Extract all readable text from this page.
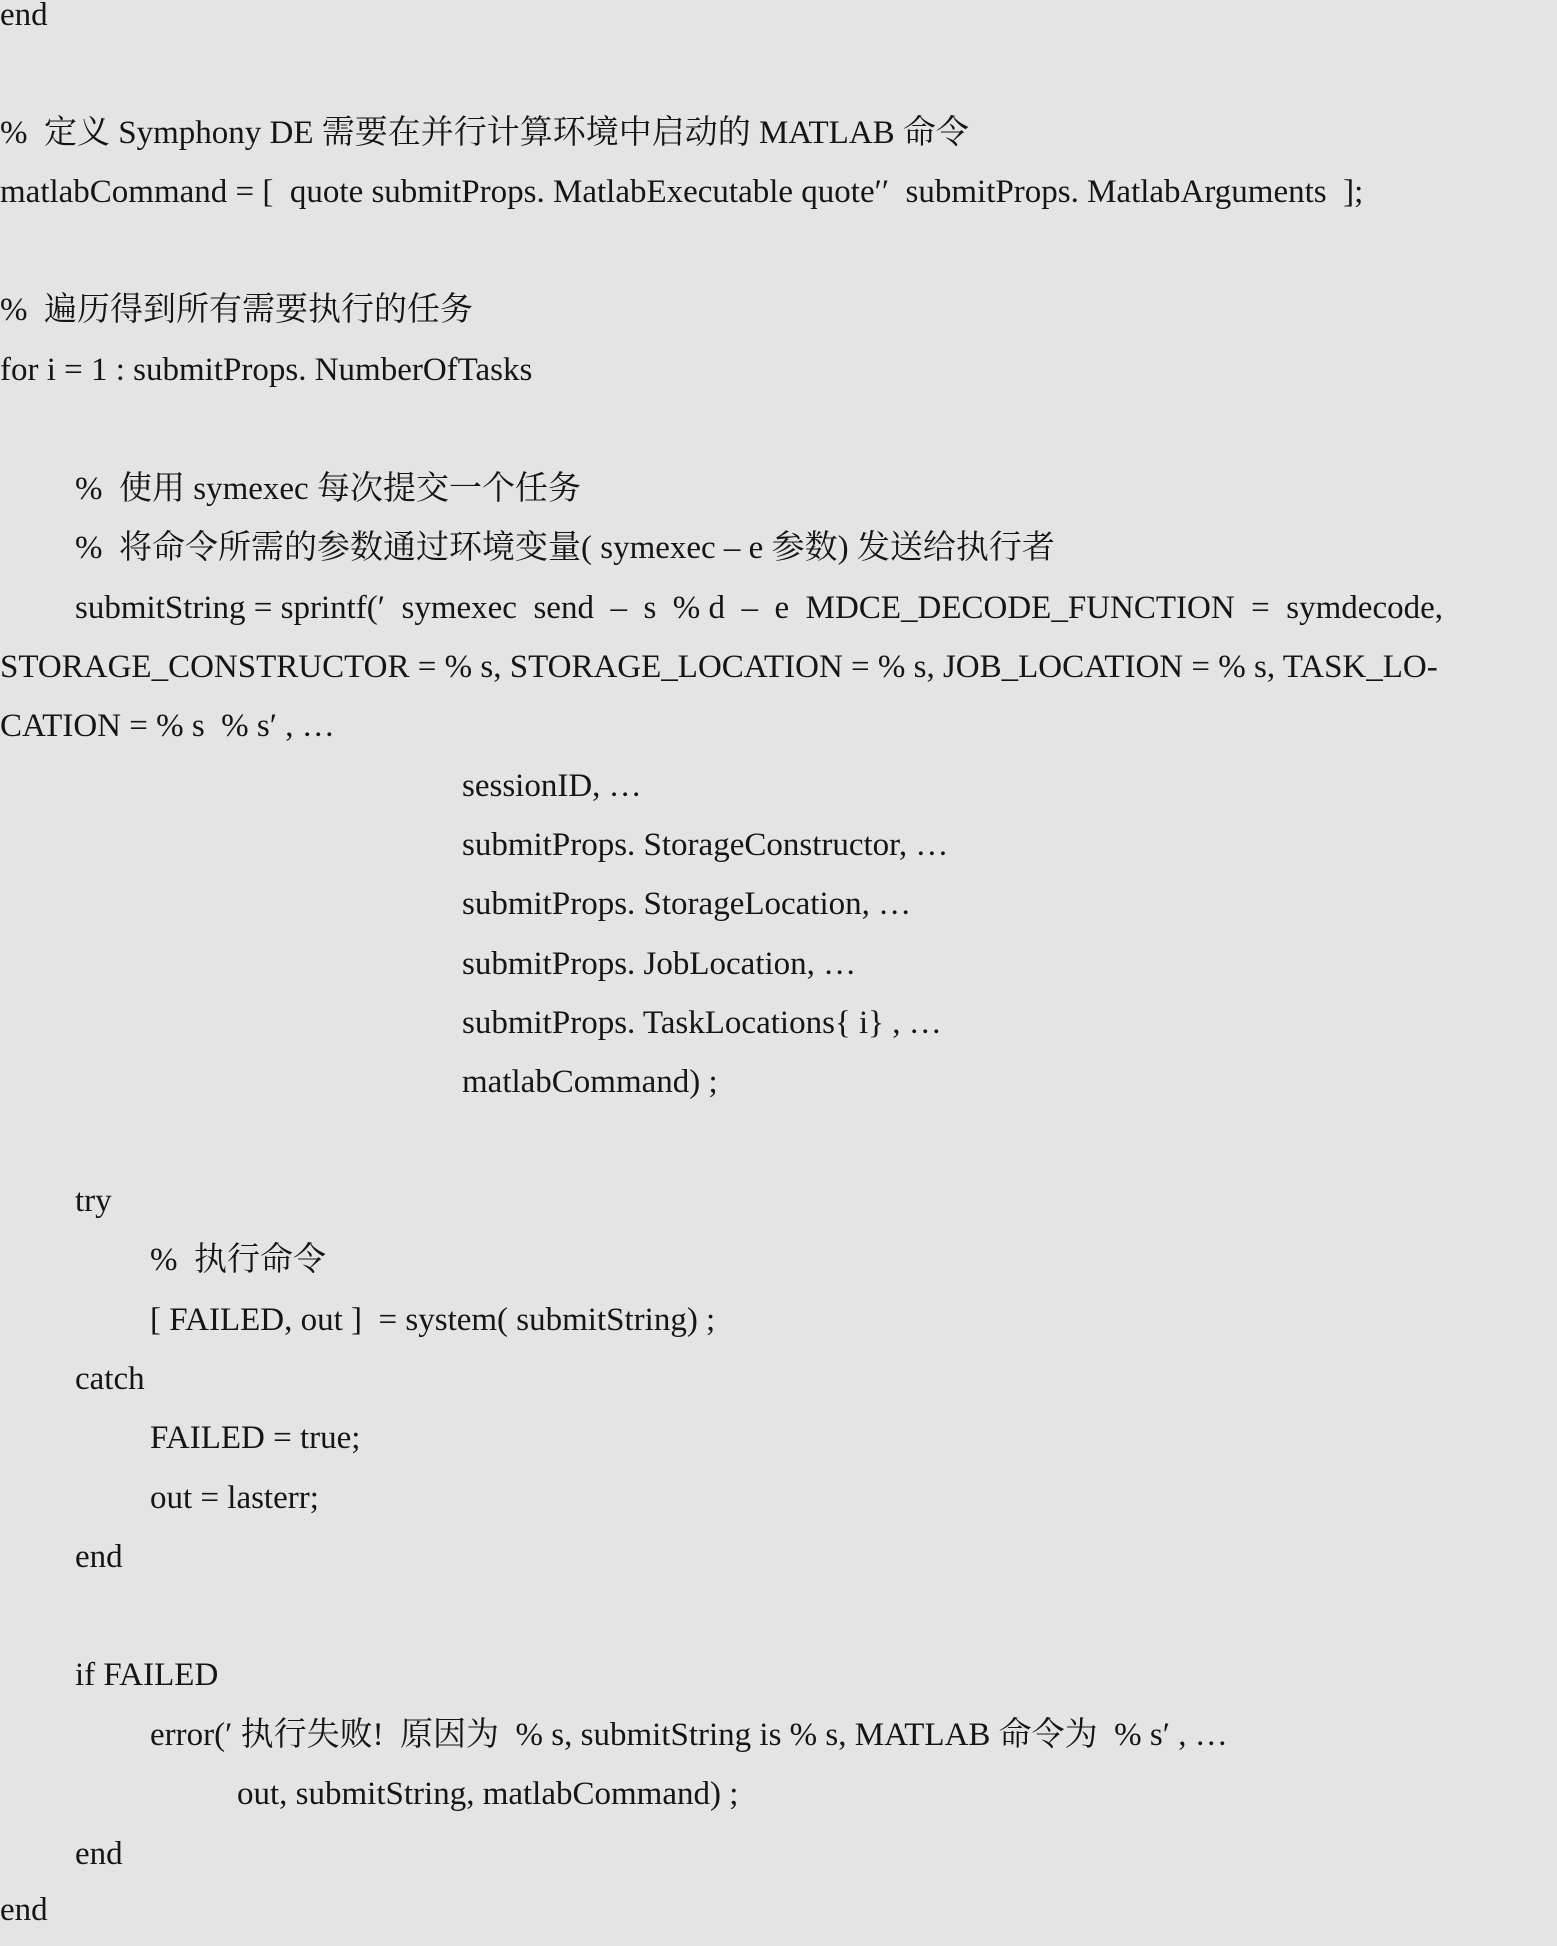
end
%  定义 Symphony DE 需要在并行计算环境中启动的 MATLAB 命令
matlabCommand = [  quote submitProps. MatlabExecutable quote′′  submitProps. MatlabArguments  ];
%  遍历得到所有需要执行的任务
for i = 1 : submitProps. NumberOfTasks
%  使用 symexec 每次提交一个任务
%  将命令所需的参数通过环境变量( symexec – e 参数) 发送给执行者
submitString = sprintf(′  symexec  send  –  s  % d  –  e  MDCE_DECODE_FUNCTION  =  symdecode,
STORAGE_CONSTRUCTOR = % s, STORAGE_LOCATION = % s, JOB_LOCATION = % s, TASK_LO-
CATION = % s  % s′ , …
sessionID, …
submitProps. StorageConstructor, …
submitProps. StorageLocation, …
submitProps. JobLocation, …
submitProps. TaskLocations{ i} , …
matlabCommand) ;
try
%  执行命令
[ FAILED, out ]  = system( submitString) ;
catch
FAILED = true;
out = lasterr;
end
if FAILED
error(′ 执行失败!  原因为  % s, submitString is % s, MATLAB 命令为  % s′ , …
out, submitString, matlabCommand) ;
end
end
